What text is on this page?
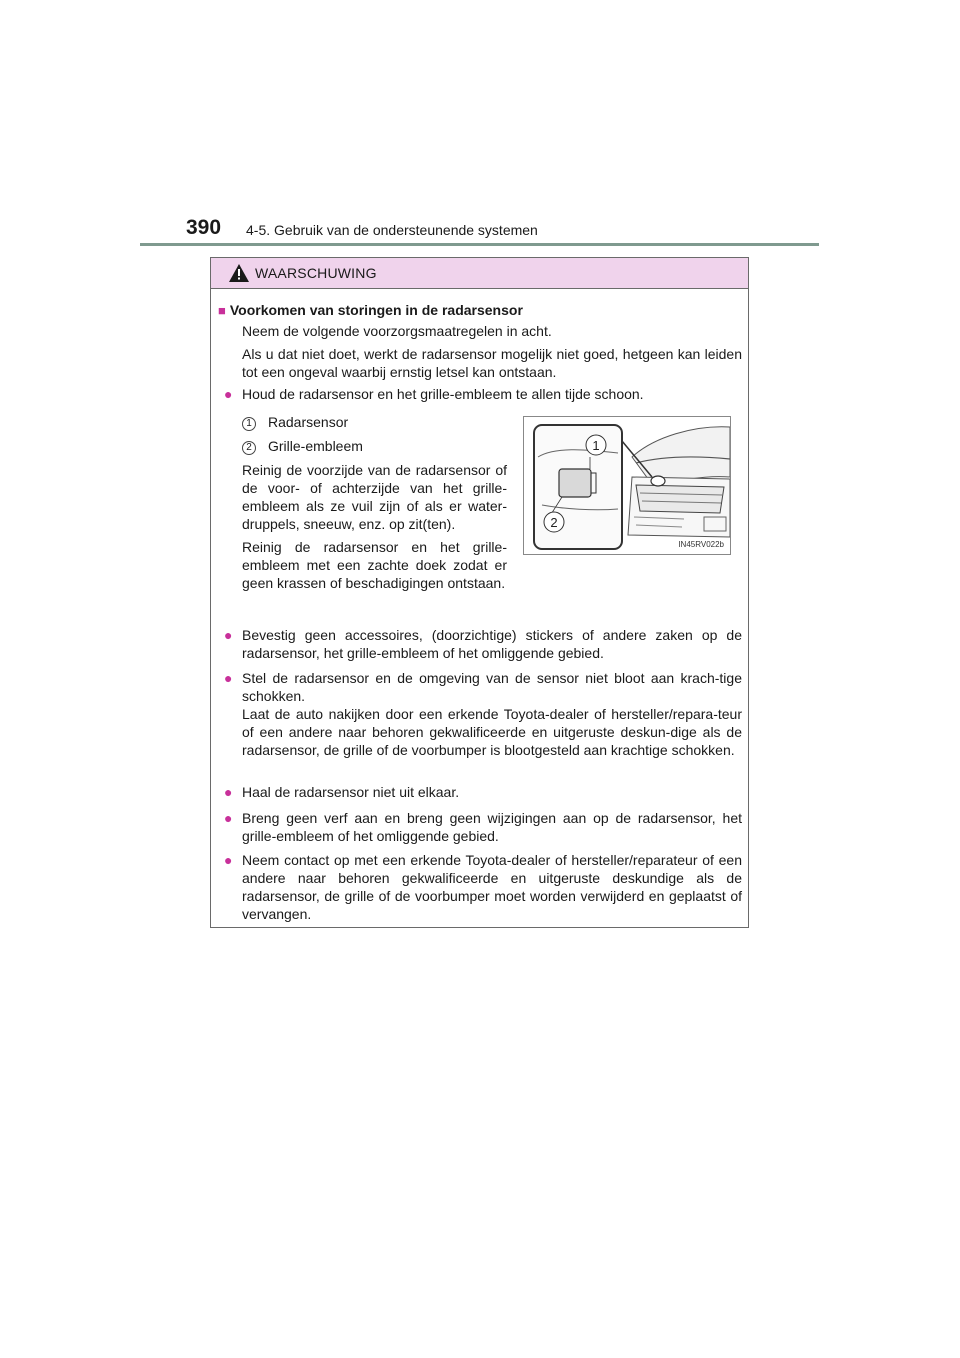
390 4-5. Gebruik van de ondersteunende systemen
WAARSCHUWING
■ Voorkomen van storingen in de radarsensor
Neem de volgende voorzorgsmaatregelen in acht.
Als u dat niet doet, werkt de radarsensor mogelijk niet goed, hetgeen kan leiden tot een ongeval waarbij ernstig letsel kan ontstaan.
● Houd de radarsensor en het grille-embleem te allen tijde schoon.
1 Radarsensor
2 Grille-embleem
Reinig de voorzijde van de radarsensor of de voor- of achterzijde van het grille-embleem als ze vuil zijn of als er water-druppels, sneeuw, enz. op zit(ten).
Reinig de radarsensor en het grille-embleem met een zachte doek zodat er geen krassen of beschadigingen ontstaan.
1
2
IN45RV022b
● Bevestig geen accessoires, (doorzichtige) stickers of andere zaken op de radarsensor, het grille-embleem of het omliggende gebied.
● Stel de radarsensor en de omgeving van de sensor niet bloot aan krach-tige schokken.
Laat de auto nakijken door een erkende Toyota-dealer of hersteller/repara-teur of een andere naar behoren gekwalificeerde en uitgeruste deskun-dige als de radarsensor, de grille of de voorbumper is blootgesteld aan krachtige schokken.
● Haal de radarsensor niet uit elkaar.
● Breng geen verf aan en breng geen wijzigingen aan op de radarsensor, het grille-embleem of het omliggende gebied.
● Neem contact op met een erkende Toyota-dealer of hersteller/reparateur of een andere naar behoren gekwalificeerde en uitgeruste deskundige als de radarsensor, de grille of de voorbumper moet worden verwijderd en geplaatst of vervangen.
